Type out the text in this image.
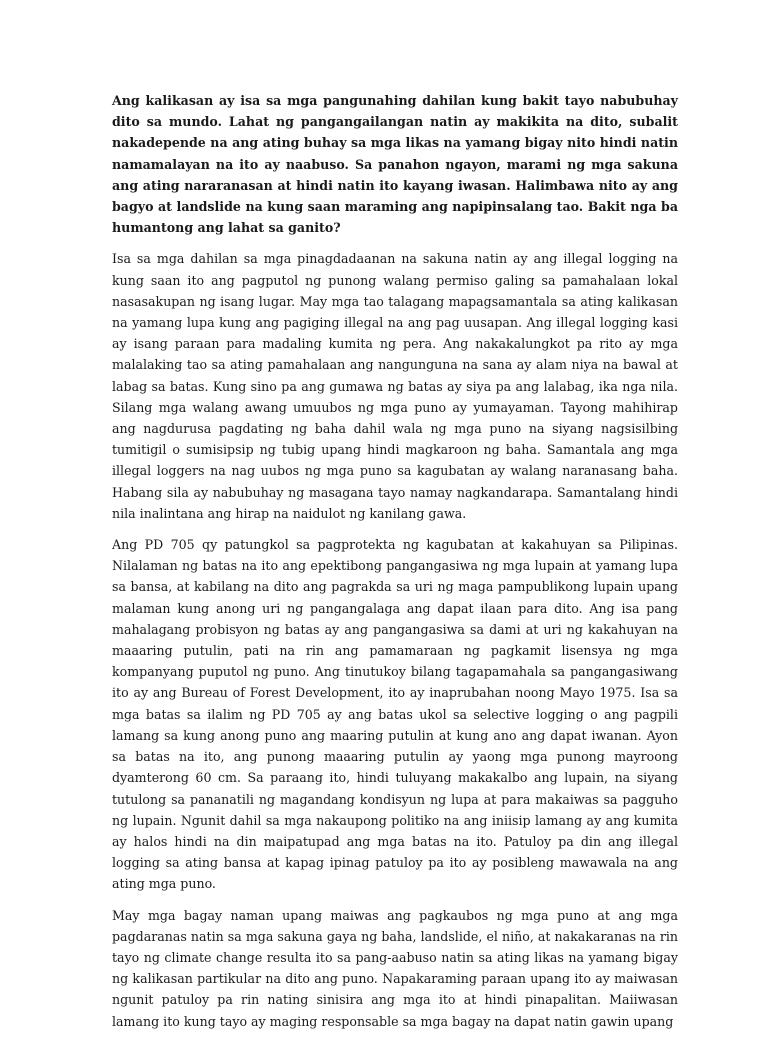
Ang kalikasan ay isa sa mga pangunahing dahilan kung bakit tayo nabubuhay dito sa mundo. Lahat ng pangangailangan natin ay makikita na dito, subalit nakadepende na ang ating buhay sa mga likas na yamang bigay nito hindi natin namamalayan na ito ay naabuso. Sa panahon ngayon, marami ng mga sakuna ang ating nararanasan at hindi natin ito kayang iwasan. Halimbawa nito ay ang bagyo at landslide na kung saan maraming ang napipinsalang tao. Bakit nga ba humantong ang lahat sa ganito?

Isa sa mga dahilan sa mga pinagdadaanan na sakuna natin ay ang illegal logging na kung saan ito ang pagputol ng punong walang permiso galing sa pamahalaan lokal nasasakupan ng isang lugar. May mga tao talagang mapagsamantala sa ating kalikasan na yamang lupa kung ang pagiging illegal na ang pag uusapan. Ang illegal logging kasi ay isang paraan para madaling kumita ng pera. Ang nakakalungkot pa rito ay mga malalaking tao sa ating pamahalaan ang nangunguna na sana ay alam niya na bawal at labag sa batas. Kung sino pa ang gumawa ng batas ay siya pa ang lalabag, ika nga nila. Silang mga walang awang umuubos ng mga puno ay yumayaman. Tayong mahihirap ang nagdurusa pagdating ng baha dahil wala ng mga puno na siyang nagsisilbing tumitigil o sumisipsip ng tubig upang hindi magkaroon ng baha. Samantala ang mga illegal loggers na nag uubos ng mga puno sa kagubatan ay walang naranasang baha. Habang sila ay nabubuhay ng masagana tayo namay nagkandarapa. Samantalang hindi nila inalintana ang hirap na naidulot ng kanilang gawa.

Ang PD 705 qy patungkol sa pagprotekta ng kagubatan at kakahuyan sa Pilipinas. Nilalaman ng batas na ito ang epektibong pangangasiwa ng mga lupain at yamang lupa sa bansa, at kabilang na dito ang pagrakda sa uri ng maga pampublikong lupain upang malaman kung anong uri ng pangangalaga ang dapat ilaan para dito. Ang isa pang mahalagang probisyon ng batas ay ang pangangasiwa sa dami at uri ng kakahuyan na maaaring putulin, pati na rin ang pamamaraan ng pagkamit lisensya ng mga kompanyang puputol ng puno. Ang tinutukoy bilang tagapamahala sa pangangasiwang ito ay ang Bureau of Forest Development, ito ay inaprubahan noong Mayo 1975. Isa sa mga batas sa ilalim ng PD 705 ay ang batas ukol sa selective logging o ang pagpili lamang sa kung anong puno ang maaring putulin at kung ano ang dapat iwanan. Ayon sa batas na ito, ang punong maaaring putulin ay yaong mga punong mayroong dyamterong 60 cm. Sa paraang ito, hindi tuluyang makakalbo ang lupain, na siyang tutulong sa pananatili ng magandang kondisyun ng lupa at para makaiwas sa pagguho ng lupain. Ngunit dahil sa mga nakaupong politiko na ang iniisip lamang ay ang kumita ay halos hindi na din maipatupad ang mga batas na ito. Patuloy pa din ang illegal logging sa ating bansa at kapag ipinag patuloy pa ito ay posibleng mawawala na ang ating mga puno.

May mga bagay naman upang maiwas ang pagkaubos ng mga puno at ang mga pagdaranas natin sa mga sakuna gaya ng baha, landslide, el niño, at nakakaranas na rin tayo ng climate change resulta ito sa pang-aabuso natin sa ating likas na yamang bigay ng kalikasan partikular na dito ang puno. Napakaraming paraan upang ito ay maiwasan ngunit patuloy pa rin nating sinisira ang mga ito at hindi pinapalitan. Maiiwasan lamang ito kung tayo ay maging responsable sa mga bagay na dapat natin gawin upang
